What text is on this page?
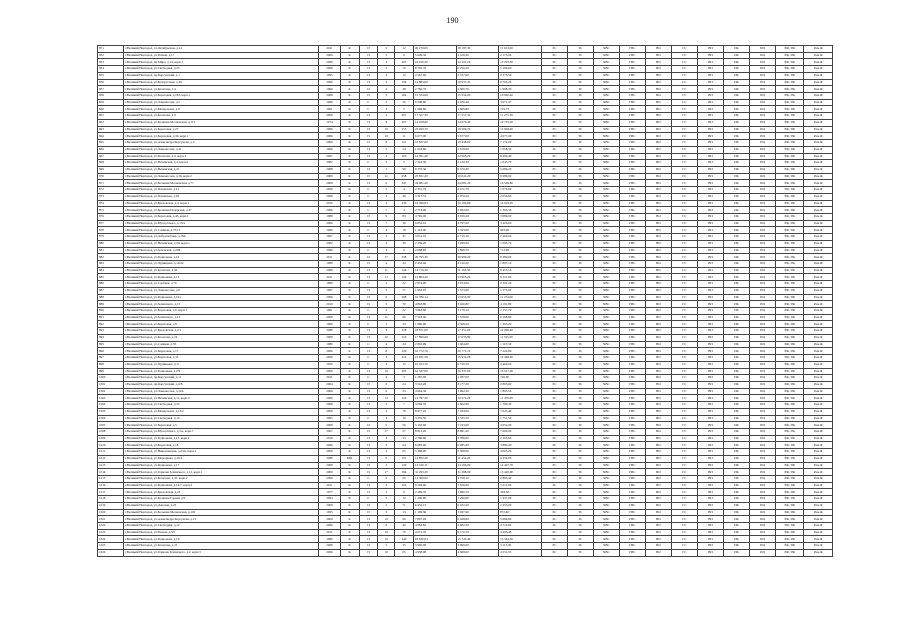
190
851	г.Великий Новгород, ул.Октябрьская, д.14	2011	К	П	5	12	20 270,00	18 187,30	11 613,00	ЭС	ТС	ХВС	ГВС	ВО	ГС	ВП	ПК	ПЦ	РФ, УФ	Рем.Ф
852	г.Великий Новгород, ул.Речная, д.17	2009	К	П	5	9	5 609,50	2 410,20	2 175,00	ЭС	ТС	ХВС	ГВС	ВО	ГС	ВП	ПК	ПЦ	РФ, УФ	Рем.Ф
853	г.Великий Новгород, пр.Мира, д.14, корп.1	2009	К	П	3	267	16 160,20	14 191,20	13 203,30	ЭС	ТС	ХВС	ГВС	ВО	ГС	ВП	ПК	ПЦ	РФ, УФ	Рем.Ф
854	г.Великий Новгород, ул.Свободная, д.23	2009	К	П	5	79	8 795,70	6 256,20	5 199,60	ЭС	ТС	ХВС	ГВС	ВО	ГС	ВП	ПК	ПЦ	РФ, УФ	Рем.Ф
855	г.Великий Новгород, пр.Корсунский, д.1	1995	К	П	4	12	2 567,60	2 377,60	2 175,50	ЭС	ТС	ХВС	ГВС	ВО	ГС	ВП	ПК	ПЦ	РФ, УФ	Рем.Ф
856	г.Великий Новгород, ул.Белорусская, д.36	2009	К	П	2	104	12 885,00	10 937,43	6 705,20	ЭС	ТС	ХВС	ГВС	ВО	ГС	ВП	ПК	ПЦ	РФ, УФ	Рем.Ф
857	г.Великий Новгород, ул.Кочетова, д.4	1960	К	П	3	48	2 782,70	2 606,70	1 998,30	ЭС	ТС	ХВС	ГВС	ВО	ГС	ВП	ПК	ПЦ	РФ, УФ	Рем.Ф
858	г.Великий Новгород, ул.Береговая, д.183, корп.1	2008	К	П	3	104	15 554,00	15 554,00	10 902,40	ЭС	ТС	ХВС	ГВС	ВО	ГС	ВП	ПК	ПЦ	РФ, УФ	Рем.Ф
859	г.Великий Новгород, ул.Ломоносова, д.2	1966	К	С	5	56	6 598,60	4 186,40	3 671,37	ЭС	ТС	ХВС	ГВС	ВО	ГС	ВП	ПК	ПЦ	РФ, УФ	Рем.Ф
860	г.Великий Новгород, ул.Менделеева, д.9	1961	К	С	3	5	1 969,60	1 609,80	719,73	ЭС	ТС	ХВС	ГВС	ВО	ГС	ВП	ПК	ПЦ	РФ, УФ	Рем.Ф
861	г.Великий Новгород, ул.Кочетова, д.9	2009	К	П	2	297	17 557,32	17 557,32	11 275,30	ЭС	ТС	ХВС	ГВС	ВО	ГС	ВП	ПК	ПЦ	РФ, УФ	Рем.Ф
862	г.Великий Новгород, ул.Большая Московская, д.115	1974	К	П	9	207	14 458,60	14 676,40	10 723,20	ЭС	ТС	ХВС	ГВС	ВО	ГС	ВП	ПК	ПЦ	РФ, УФ	Рем.Ф
863	г.Великий Новгород, ул.Береговая, д.27	2006	К	П	16	255	23 209,70	19 569,70	13 904,20	ЭС	ТС	ХВС	ГВС	ВО	ГС	ВП	ПК	ПЦ	РФ, УФ	Рем.Ф
864	г.Великий Новгород, ул.Береговая, д.30, корп.1	2006	К	П	10	11	6 677,00	5 677,00	4 677,00	ЭС	ТС	ХВС	ГВС	ВО	ГС	ВП	ПК	ПЦ	РФ, УФ	Рем.Ф
865	г.Великий Новгород, ул.Александра Корсунова, д.2	2006	К	П	8	121	10 837,00	10 438,00	7 174,00	ЭС	ТС	ХВС	ГВС	ВО	ГС	ВП	ПК	ПЦ	РФ, УФ	Рем.Ф
866	г.Великий Новгород, ул.Ломоносова, д.41	1966	К	П	5	24	1 618,90	1 618,90	1 058,36	ЭС	ТС	ХВС	ГВС	ВО	ГС	ВП	ПК	ПЦ	РФ, УФ	Рем.Ф
867	г.Великий Новгород, ул.Кочетова, д.4, корп.3	2007	К	П	4	103	12 591,20	12 665,20	8 466,40	ЭС	ТС	ХВС	ГВС	ВО	ГС	ВП	ПК	ПЦ	РФ, УФ	Рем.Ф
868	г.Великий Новгород, ул.Нехинская, д.4, корп.2	2002	К	С	2	3	2 324,30	2 120,30	1 043,70	ЭС	ТС	ХВС	ГВС	ВО	ГС	ВП	ПК	ПЦ	РФ, УФ	Рем.Ф
869	г.Великий Новгород, ул.Нехинская, д.21	2008	К	П	1	90	9 370,30	9 370,30	5 686,20	ЭС	ТС	ХВС	ГВС	ВО	ГС	ВП	ПК	ПЦ	РФ, УФ	Рем.Ф
870	г.Великий Новгород, ул.Ломоносова, д.36, корп.2	2009	К	П	11	258	23 851,20	19 041,20	8 289,60	ЭС	ТС	ХВС	ГВС	ВО	ГС	ВП	ПК	ПЦ	РФ, УФ	Рем.Ф
871	г.Великий Новгород, ул.Большая Московская, д.77	2009	К	П	6	347	24 081,20	24 081,20	16 509,80	ЭС	ТС	ХВС	ГВС	ВО	ГС	ВП	ПК	ПЦ	РФ, УФ	Рем.Ф
872	г.Великий Новгород, ул.Псковская, д.21	2009	К	С	5	4	2 331,79	2 151,79	1 079,69	ЭС	ТС	ХВС	ГВС	ВО	ГС	ВП	ПК	ПЦ	РФ, УФ	Рем.Ф
873	г.Великий Новгород, ул.Псковская, д.26	2009	К	С	4	40	3 317,31	2 979,20	2 056,90	ЭС	ТС	ХВС	ГВС	ВО	ГС	ВП	ПК	ПЦ	РФ, УФ	Рем.Ф
874	г.Великий Новгород, ул.Бредовская, д.4, корп.1	2010	К	П	3	236	16 396,03	16 166,80	14 619,95	ЭС	ТС	ХВС	ГВС	ВО	ГС	ВП	ПК	ПЦ	РФ, УФ	Рем.Ф
875	г.Великий Новгород, ул.Большая Печерская, д.37	2006	К	С	7	4	2 773,00	2 692,00	1 395,30	ЭС	ТС	ХВС	ГВС	ВО	ГС	ВП	ПК	ПЦ	РФ, УФ	Рем.Ф
876	г.Великий Новгород, ул.Береговая, д.43, корп.1	1989	К	П	9	83	4 792,00	3 916,20	3 086,00	ЭС	ТС	ХВС	ГВС	ВО	ГС	ВП	ПК	ПЦ	РФ, УФ	Рем.Ф
877	г.Великий Новгород, ул.Мусоргского, д.15/4	2006	К	П	7	30	6 852,10	4 797,00	3 426,00	ЭС	ТС	ХВС	ГВС	ВО	ГС	ВП	ПК	ПЦ	РФ, УФ	Рем.Ф
878	г.Великий Новгород, ул.Славная, д.75/15	1960	К	С	4	18	1 143,00	1 393,00	993,00	ЭС	ТС	ХВС	ГВС	ВО	ГС	ВП	ПК	ПЦ	РФ, УФ	Рем.Ф
879	г.Великий Новгород, ул.Добролюбова, д.18А	1997	К	П	2	37	3 031,10	2 710,10	2 169,60	ЭС	ТС	ХВС	ГВС	ВО	ГС	ВП	ПК	ПЦ	РФ, УФ	Рем.Ф
880	г.Великий Новгород, ул.Нехинская, д.29, корп.1	2002	К	П	4	39	2 259,20	1 928,20	1 693,70	ЭС	ТС	ХВС	ГВС	ВО	ГС	ВП	ПК	ПЦ	РФ, УФ	Рем.Ф
881	г.Великий Новгород, ул.Зеленская, д.20Б	2006	К	С	4	6	2 668,02	1 896,50	713,69	ЭС	ТС	ХВС	ГВС	ВО	ГС	ВП	ПК	ПЦ	РФ, УФ	Рем.Ф
882	г.Великий Новгород, ул.Родионова, д.19	2011	К	П	17	338	26 795,30	20 990,20	8 380,00	ЭС	ТС	ХВС	ГВС	ВО	ГС	ВП	ПК	ПЦ	РФ, УФ	Рем.Ф
883	г.Великий Новгород, ул.Чудинцева, д.19/22	1989	К	П	4	24	2 432,40	2 120,20	1 897,10	ЭС	ТС	ХВС	ГВС	ВО	ГС	ВП	ПК	ПЦ	РФ, УФ	Рем.Ф
884	г.Великий Новгород, ул.Кочетова, д.44	2009	К	П	11	144	13 716,30	11 163,30	9 455,16	ЭС	ТС	ХВС	ГВС	ВО	ГС	ВП	ПК	ПЦ	РФ, УФ	Рем.Ф
885	г.Великий Новгород, ул.Родионова, д.13	2011	К	П	17	159	15 864,20	13 965,20	9 121,00	ЭС	ТС	ХВС	ГВС	ВО	ГС	ВП	ПК	ПЦ	РФ, УФ	Рем.Ф
886	г.Великий Новгород, ул.Сдобная, д.74	1980	К	С	2	22	2 974,00	2 974,00	2 191,20	ЭС	ТС	ХВС	ГВС	ВО	ГС	ВП	ПК	ПЦ	РФ, УФ	Рем.Ф
887	г.Великий Новгород, ул.Ломоносова, д.6	1997	К	П	2	57	1 962,10	1 573,60	1 573,60	ЭС	ТС	ХВС	ГВС	ВО	ГС	ВП	ПК	ПЦ	РФ, УФ	Рем.Ф
888	г.Великий Новгород, ул.Родионова, д.191	2006	К	П	6	208	16 786,14	13 653,00	11 274,00	ЭС	ТС	ХВС	ГВС	ВО	ГС	ВП	ПК	ПЦ	РФ, УФ	Рем.Ф
889	г.Великий Новгород, ул.Зелинского, д.15	2010	К	П	2	79	4 863,80	3 426,80	4 191,80	ЭС	ТС	ХВС	ГВС	ВО	ГС	ВП	ПК	ПЦ	РФ, УФ	Рем.Ф
890	г.Великий Новгород, ул.Береговая, д.6, корп.1	1961	К	С	3	22	3 863,60	3 178,12	2 157,70	ЭС	ТС	ХВС	ГВС	ВО	ГС	ВП	ПК	ПЦ	РФ, УФ	Рем.Ф
891	г.Великий Новгород, ул.Зелинского, д.13	2008	К	П	11	66	7 518,00	7 378,00	6 168,80	ЭС	ТС	ХВС	ГВС	ВО	ГС	ВП	ПК	ПЦ	РФ, УФ	Рем.Ф
892	г.Великий Новгород, ул.Береговая, д.8	1960	К	С	2	34	1 860,00	1 568,20	1 393,20	ЭС	ТС	ХВС	ГВС	ВО	ГС	ВП	ПК	ПЦ	РФ, УФ	Рем.Ф
893	г.Великий Новгород, ул.Бредовская, д.2/1	2008	К	П	3	218	18 551,00	17 351,00	14 090,40	ЭС	ТС	ХВС	ГВС	ВО	ГС	ВП	ПК	ПЦ	РФ, УФ	Рем.Ф
894	г.Великий Новгород, ул.Кочетова, д.16	2009	К	П	10	216	17 890,60	17 035,80	11 525,00	ЭС	ТС	ХВС	ГВС	ВО	ГС	ВП	ПК	ПЦ	РФ, УФ	Рем.Ф
895	г.Великий Новгород, ул.Славная, д.55	1980	К	С	4	24	2 063,09	1 604,00	1 167,50	ЭС	ТС	ХВС	ГВС	ВО	ГС	ВП	ПК	ПЦ	РФ, УФ	Рем.Ф
896	г.Великий Новгород, ул.Береговая, д.17	2006	К	П	8	120	10 772,70	10 771,10	7 222,80	ЭС	ТС	ХВС	ГВС	ВО	ГС	ВП	ПК	ПЦ	РФ, УФ	Рем.Ф
897	г.Великий Новгород, ул.Береговая, д.35	2009	К	С	3	210	15 931,58	15 931,28	12 448,00	ЭС	ТС	ХВС	ГВС	ВО	ГС	ВП	ПК	ПЦ	РФ, УФ	Рем.Ф
898	г.Великий Новгород, ул.Чудинцева, д.11	1956	К	С	4	15	10 163,70	9 726,70	4 466,00	ЭС	ТС	ХВС	ГВС	ВО	ГС	ВП	ПК	ПЦ	РФ, УФ	Рем.Ф
899	г.Великий Новгород, ул.Родионова, д.2/9	2009	К	П	10	205	16 337,00	16 337,00	13 617,00	ЭС	ТС	ХВС	ГВС	ВО	ГС	ВП	ПК	ПЦ	РФ, УФ	Рем.Ф
1000	г.Великий Новгород, пр.Корсунский, д.11	2011	К	С	4	3	1 287,00	1 287,00	720,00	ЭС	ТС	ХВС	ГВС	ВО	ГС	ВП	ПК	ПЦ	РФ, УФ	Рем.Ф
1001	г.Великий Новгород, пр.Корсунский, д.6/8	2004	К	П	3	24	3 543,20	3 177,20	2 805,60	ЭС	ТС	ХВС	ГВС	ВО	ГС	ВП	ПК	ПЦ	РФ, УФ	Рем.Ф
1002	г.Великий Новгород, ул.Ломоносова, д.12А	2006	К	П	6	23	4 994,30	3 692,20	1 895,50	ЭС	ТС	ХВС	ГВС	ВО	ГС	ВП	ПК	ПЦ	РФ, УФ	Рем.Ф
1003	г.Великий Новгород, ул.Нехинская, д.11, корп.2	2006	К	П	12	150	12 797,20	10 572,20	11 470,00	ЭС	ТС	ХВС	ГВС	ВО	ГС	ВП	ПК	ПЦ	РФ, УФ	Рем.Ф
1004	г.Великий Новгород, ул.Свободная, д.32	2008	К	П	5	7	3 069,70	2 602,90	1 709,30	ЭС	ТС	ХВС	ГВС	ВО	ГС	ВП	ПК	ПЦ	РФ, УФ	Рем.Ф
1005	г.Великий Новгород, ул.Менделеева, д.13/2	2009	К	П	5	79	8 977,02	7 034,00	7 023,40	ЭС	ТС	ХВС	ГВС	ВО	ГС	ВП	ПК	ПЦ	РФ, УФ	Рем.Ф
1006	г.Великий Новгород, ул.Свободная, д.14	2005	К	С	4	10	3 235,50	3 335,50	1 751,50	ЭС	ТС	ХВС	ГВС	ВО	ГС	ВП	ПК	ПЦ	РФ, УФ	Рем.Ф
1007	г.Великий Новгород, ул.Береговая, д.5	2009	К	П	5	56	5 163,60	5 163,60	4 652,00	ЭС	ТС	ХВС	ГВС	ВО	ГС	ВП	ПК	ПЦ	РФ, УФ	Рем.Ф
1008	г.Великий Новгород, ул.Мусоргского, д.5А, корп.7	2007	К	П	17	57	8 813,20	8 691,20	7 009,00	ЭС	ТС	ХВС	ГВС	ВО	ГС	ВП	ПК	ПЦ	РФ, УФ	Рем.Ф
1009	г.Великий Новгород, ул.Родионова, д.13, корп.2	2010	К	П	3	53	2 786,60	2 786,60	2 165,00	ЭС	ТС	ХВС	ГВС	ВО	ГС	ВП	ПК	ПЦ	РФ, УФ	Рем.Ф
1010	г.Великий Новгород, ул.Береговая, д.18	2006	К	П	5	64	6 085,40	6 085,40	3 886,40	ЭС	ТС	ХВС	ГВС	ВО	ГС	ВП	ПК	ПЦ	РФ, УФ	Рем.Ф
1011	г.Великий Новгород, ул.Николаевская, д.23А, корп.1	2009	К	П	5	65	5 368,00	5 368,00	4 005,20	ЭС	ТС	ХВС	ГВС	ВО	ГС	ВП	ПК	ПЦ	РФ, УФ	Рем.Ф
1012	г.Великий Новгород, ул.Мерецкова, д.16/4	2008	КЩ	П	6	101	14 852,20	11 452,20	6 254,00	ЭС	ТС	ХВС	ГВС	ВО	ГС	ВП	ПК	ПЦ	РФ, УФ	Рем.Ф
1013	г.Великий Новгород, ул.Родионова, д.17	2009	К	П	3	120	13 160,11	13 166,09	14 427,70	ЭС	ТС	ХВС	ГВС	ВО	ГС	ВП	ПК	ПЦ	РФ, УФ	Рем.Ф
1014	г.Великий Новгород, ул.Германа Зелинского, д.12, корп.1	2009	К	П	17	394	31 293,30	31 288,00	13 420,00	ЭС	ТС	ХВС	ГВС	ВО	ГС	ВП	ПК	ПЦ	РФ, УФ	Рем.Ф
1015	г.Великий Новгород, ул.Кочетова, д.35, корп.2	2006	К	С	5	20	13 300,00	4 728,10	2 883,40	ЭС	ТС	ХВС	ГВС	ВО	ГС	ВП	ПК	ПЦ	РФ, УФ	Рем.Ф
1016	г.Великий Новгород, ул.Родионова, д.16/7, корп.2	2011	К	П	2	103	9 504,00	7 616,90	5 212,00	ЭС	ТС	ХВС	ГВС	ВО	ГС	ВП	ПК	ПЦ	РФ, УФ	Рем.Ф
1017	г.Великий Новгород, ул.Бредовская, д.23	1977	К	П	5	9	2 269,70	1 860,70	304,50	ЭС	ТС	ХВС	ГВС	ВО	ГС	ВП	ПК	ПЦ	РФ, УФ	Рем.Ф
1018	г.Великий Новгород, ул.Большая Горная, д.9	2004	К	С	5	12	1 296,00	1 296,00	1 437,00	ЭС	ТС	ХВС	ГВС	ВО	ГС	ВП	ПК	ПЦ	РФ, УФ	Рем.Ф
1019	г.Великий Новгород, ул.Донская, д.23	2009	К	П	2	71	6 452,21	6 452,20	2 453,00	ЭС	ТС	ХВС	ГВС	ВО	ГС	ВП	ПК	ПЦ	РФ, УФ	Рем.Ф
1020	г.Великий Новгород, ул.Большая Московская, д.102	1955	К	П	3	13	1 169,30	1 047,90	872,40	ЭС	ТС	ХВС	ГВС	ВО	ГС	ВП	ПК	ПЦ	РФ, УФ	Рем.Ф
1021	г.Великий Новгород, ул.Александра Корсунова, д.13	2009	К	П	10	90	7 867,20	6 428,80	5 689,80	ЭС	ТС	ХВС	ГВС	ВО	ГС	ВП	ПК	ПЦ	РФ, УФ	Рем.Ф
1022	г.Великий Новгород, ул.Свободная, д.12	2006	К	П	6	40	4 682,82	4 682,30	4 710,82	ЭС	ТС	ХВС	ГВС	ВО	ГС	ВП	ПК	ПЦ	РФ, УФ	Рем.Ф
1023	г.Великий Новгород, ул.Речная, д.3/2	2011	К	П	16	79	4 672,70	6 170,70	3 295,48	ЭС	ТС	ХВС	ГВС	ВО	ГС	ВП	ПК	ПЦ	РФ, УФ	Рем.Ф
1024	г.Великий Новгород, ул.Родионова, д.16/	1989	К	П	10	240	18 630,03	15 743,40	13 344,50	ЭС	ТС	ХВС	ГВС	ВО	ГС	ВП	ПК	ПЦ	РФ, УФ	Рем.Ф
1025	г.Великий Новгород, ул.Кочетова, д.10	2009	К	П	5	35	3 960,00	3 960,00	3 115,00	ЭС	ТС	ХВС	ГВС	ВО	ГС	ВП	ПК	ПЦ	РФ, УФ	Рем.Ф
1026	г.Великий Новгород, ул.Германа Зелинского, д.2, корп.3	2006	К	П	10	65	4 938,00	4 668,00	4 551,05	ЭС	ТС	ХВС	ГВС	ВО	ГС	ВП	ПК	ПЦ	РФ, УФ	Рем.Ф
